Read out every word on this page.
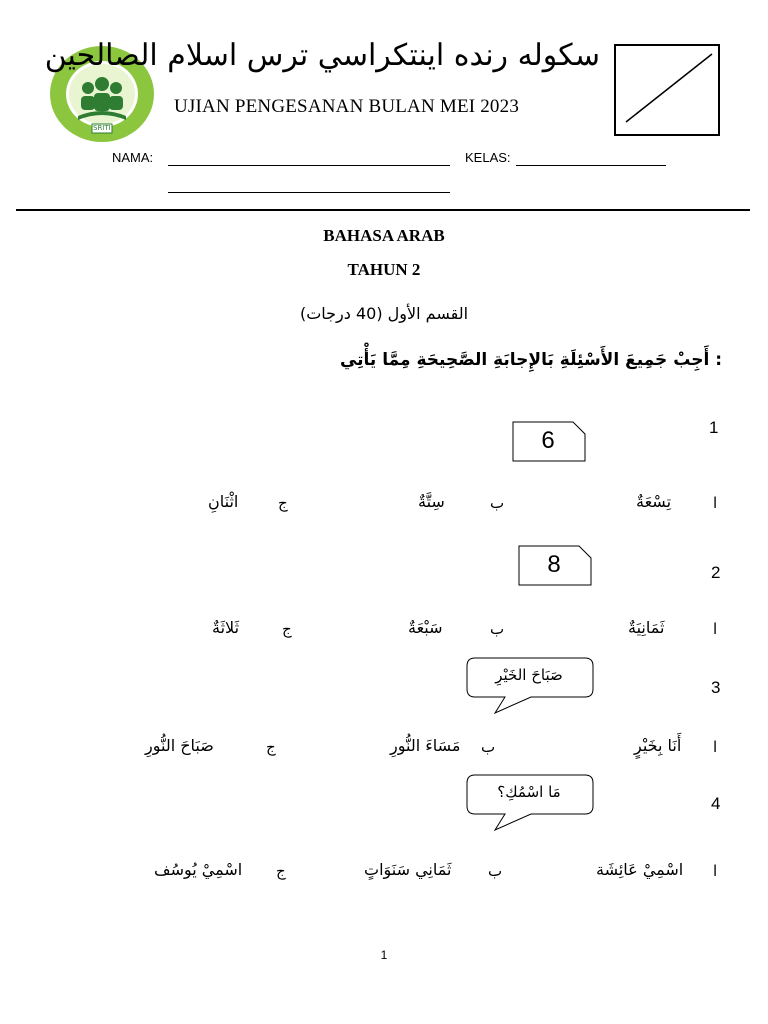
SRITI
سكولە رندە اينتكراسي ترس اسلام الصالحين
UJIAN PENGESANAN BULAN MEI 2023
NAMA:	KELAS:
BAHASA ARAB
TAHUN 2
القسم الأول (40 درجات)
: أَجِبْ جَمِيعَ الأَسْئِلَةِ بَالإِجابَةِ الصَّحِيحَةِ مِمَّا يَأْتِي
1
6
ا
تِسْعَةٌ
ب
سِتَّةٌ
ج
اثْنَانِ
2
8
ا
ثَمَانِيَةٌ
ب
سَبْعَةٌ
ج
ثَلاثَةٌ
3
صَبَاحَ الخَيْرِ
ا
أَنَا بِخَيْرٍ
ب
مَسَاءَ النُّورِ
ج
صَبَاحَ النُّورِ
4
مَا اسْمُكِ؟
ا
اسْمِيْ عَائِشَة
ب
ثَمَانِي سَنَوَاتٍ
ج
اسْمِيْ يُوسُف
1
